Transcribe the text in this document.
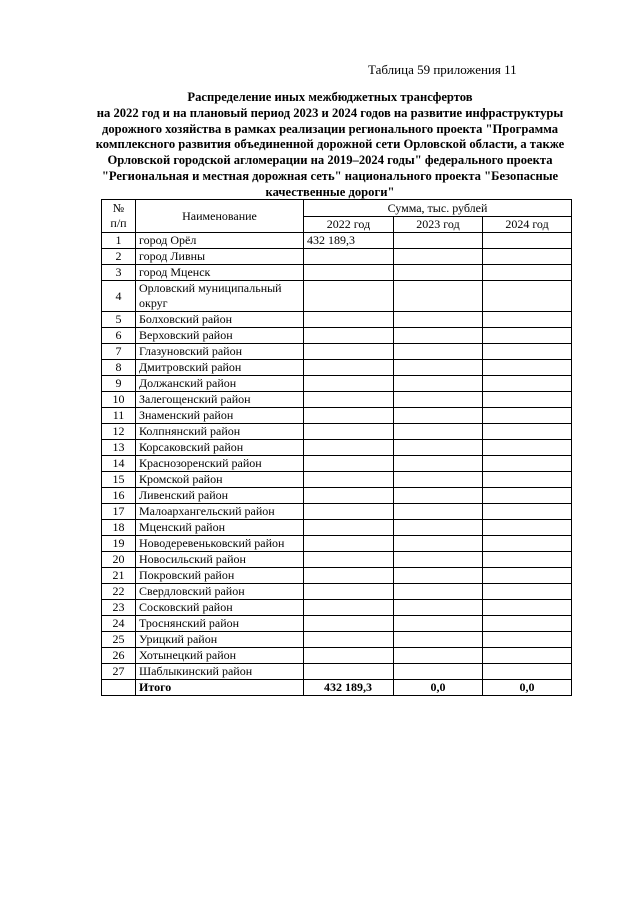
Таблица 59 приложения 11
Распределение иных межбюджетных трансфертов
на 2022 год и на плановый период 2023 и 2024 годов на развитие инфраструктуры
дорожного хозяйства в рамках реализации регионального проекта "Программа
комплексного развития объединенной дорожной сети Орловской области, а также
Орловской городской агломерации на 2019–2024 годы" федерального проекта
"Региональная и местная дорожная сеть" национального проекта "Безопасные
качественные дороги"
№
п/п	Наименование	Сумма, тыс. рублей		
		2022 год	2023 год	2024 год
1	город Орёл	432 189,3		
2	город Ливны			
3	город Мценск			
4	Орловский муниципальный округ			
5	Болховский район			
6	Верховский район			
7	Глазуновский район			
8	Дмитровский район			
9	Должанский район			
10	Залегощенский район			
11	Знаменский район			
12	Колпнянский район			
13	Корсаковский район			
14	Краснозоренский район			
15	Кромской район			
16	Ливенский район			
17	Малоархангельский район			
18	Мценский район			
19	Новодеревеньковский район			
20	Новосильский район			
21	Покровский район			
22	Свердловский район			
23	Сосковский район			
24	Троснянский район			
25	Урицкий район			
26	Хотынецкий район			
27	Шаблыкинский район			
	Итого	432 189,3	0,0	0,0
